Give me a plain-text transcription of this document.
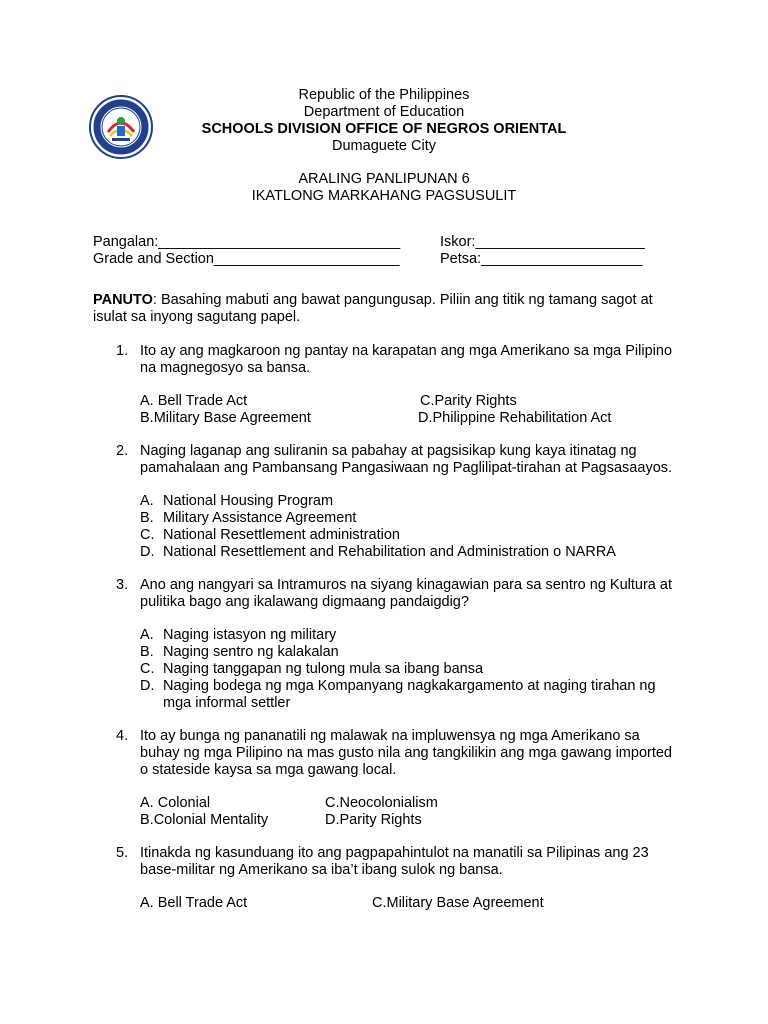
Republic of the Philippines
Department of Education
SCHOOLS DIVISION OFFICE OF NEGROS ORIENTAL
Dumaguete City
ARALING PANLIPUNAN 6
IKATLONG MARKAHANG PAGSUSULIT
Pangalan:______________________________	Iskor:_____________________
Grade and Section_______________________	Petsa:____________________
PANUTO: Basahing mabuti ang bawat pangungusap. Piliin ang titik ng tamang sagot at isulat sa inyong sagutang papel.
1. Ito ay ang magkaroon ng pantay na karapatan ang mga Amerikano sa mga Pilipino na magnegosyo sa bansa.
A. Bell Trade Act	C.Parity Rights
B.Military Base Agreement	D.Philippine Rehabilitation Act
2. Naging laganap ang suliranin sa pabahay at pagsisikap kung kaya itinatag ng pamahalaan ang Pambansang Pangasiwaan ng Paglilipat-tirahan at Pagsasaayos.
A. National Housing Program
B. Military Assistance Agreement
C. National Resettlement administration
D. National Resettlement and Rehabilitation and Administration o NARRA
3. Ano ang nangyari sa Intramuros na siyang kinagawian para sa sentro ng Kultura at pulitika bago ang ikalawang digmaang pandaigdig?
A. Naging istasyon ng military
B. Naging sentro ng kalakalan
C. Naging tanggapan ng tulong mula sa ibang bansa
D. Naging bodega ng mga Kompanyang nagkakargamento at naging tirahan ng mga informal settler
4. Ito ay bunga ng pananatili ng malawak na impluwensya ng mga Amerikano sa buhay ng mga Pilipino na mas gusto nila ang tangkilikin ang mga gawang imported o stateside kaysa sa mga gawang local.
A. Colonial	C.Neocolonialism
B.Colonial Mentality	D.Parity Rights
5. Itinakda ng kasunduang ito ang pagpapahintulot na manatili sa Pilipinas ang 23 base-militar ng Amerikano sa iba’t ibang sulok ng bansa.
A. Bell Trade Act	C.Military Base Agreement
